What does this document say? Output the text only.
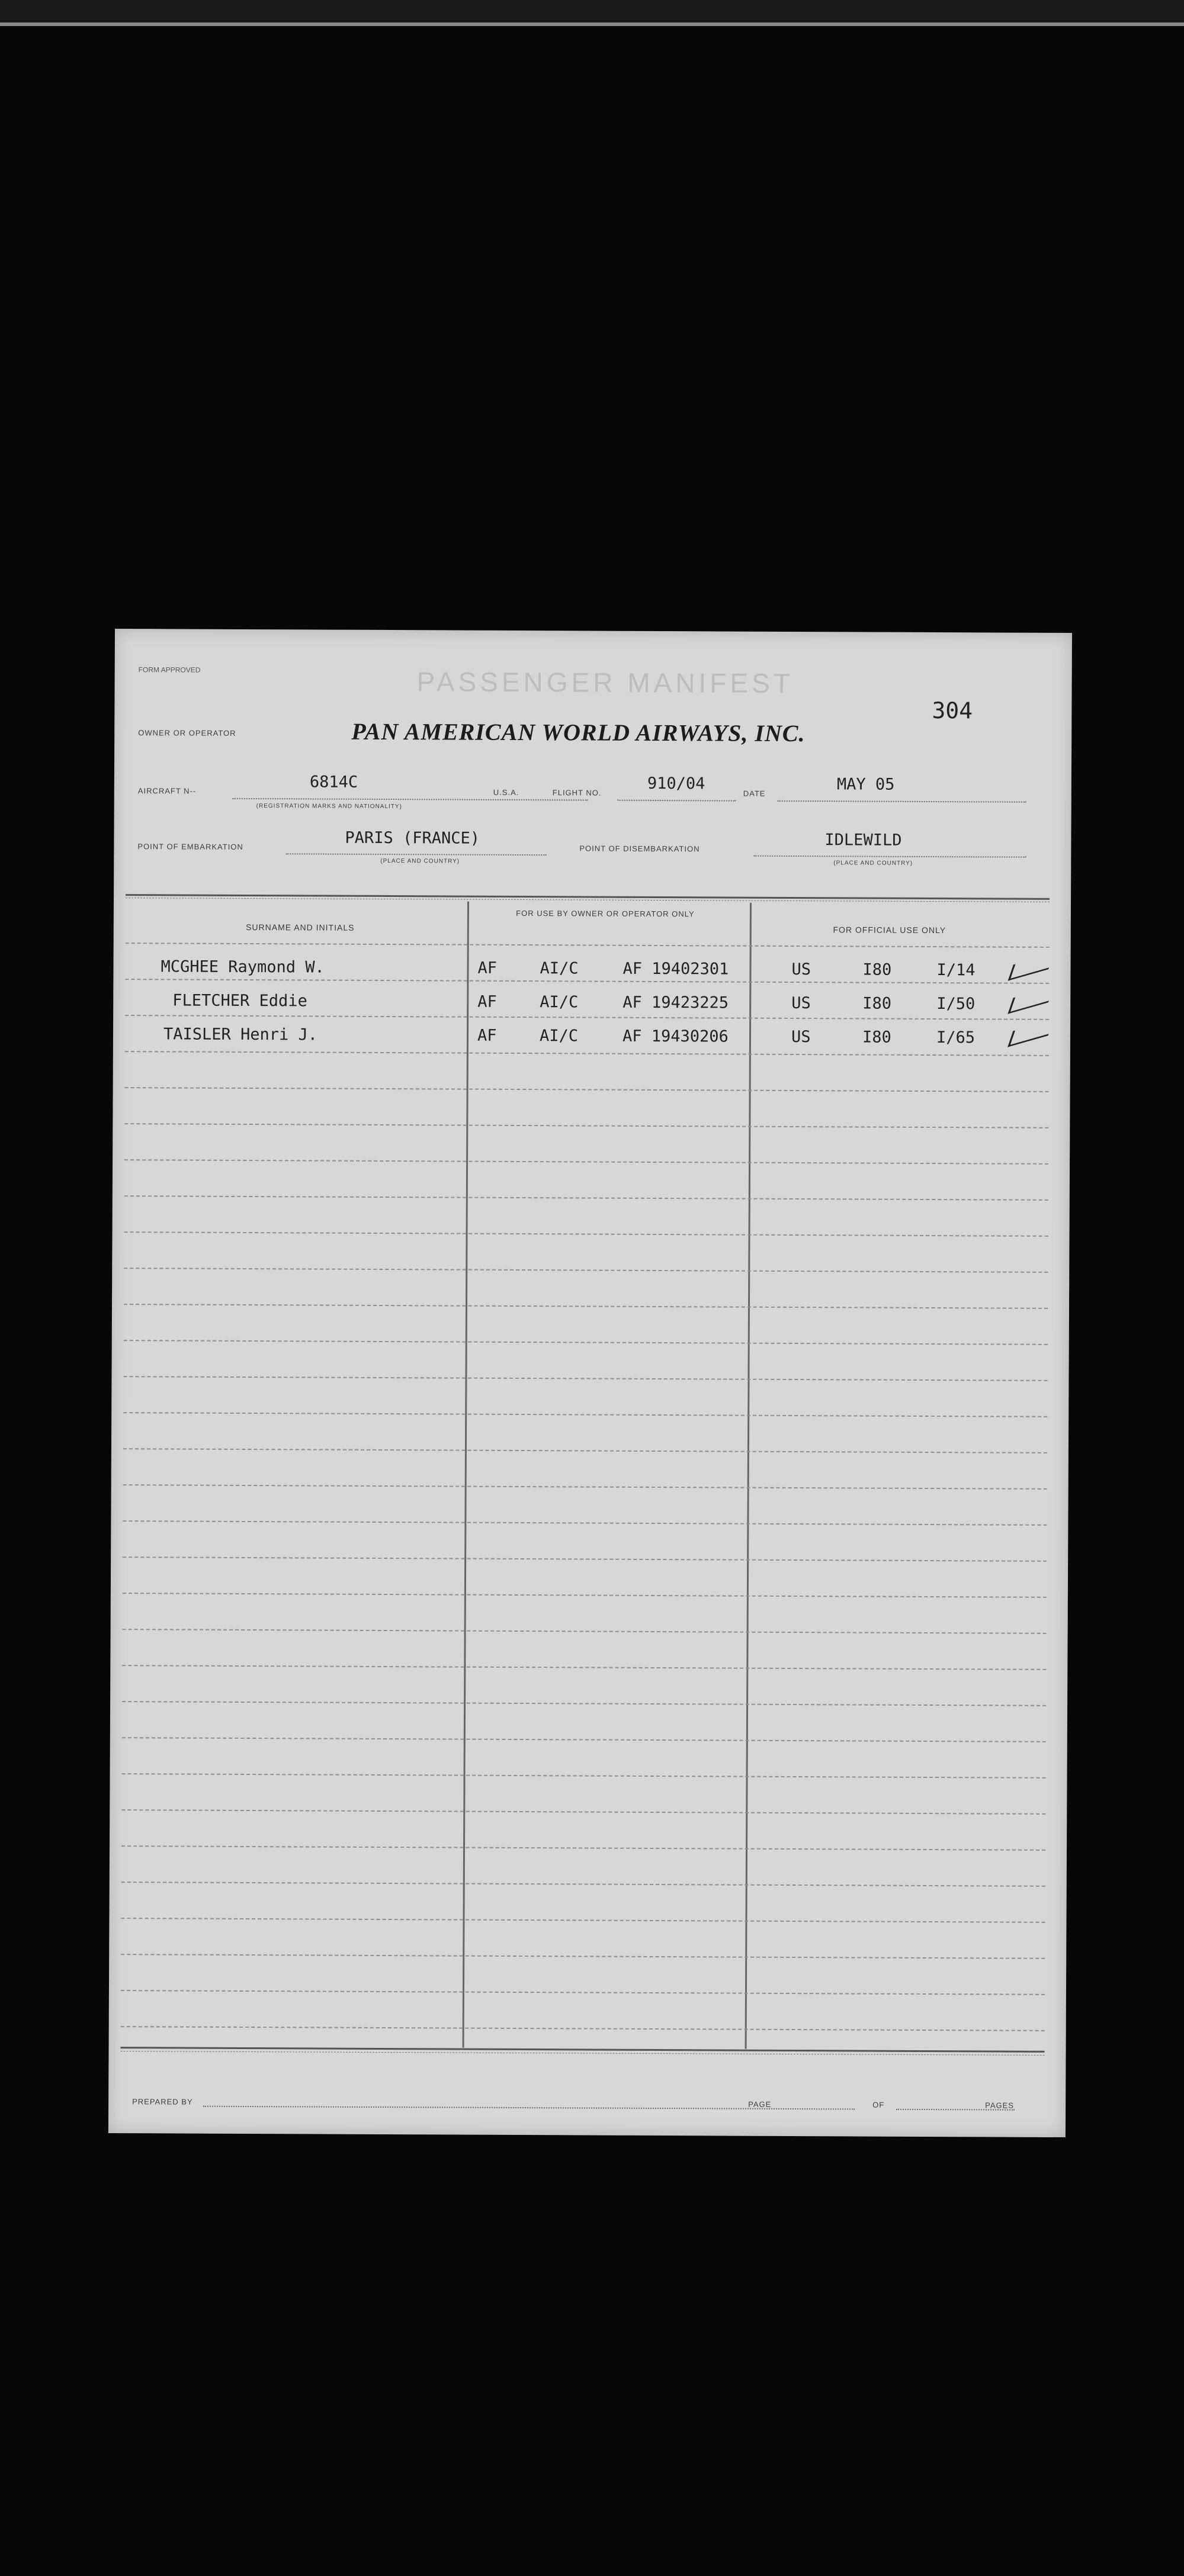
FORM APPROVED	PASSENGER MANIFEST
304
OWNER OR OPERATOR	PAN AMERICAN WORLD AIRWAYS, INC.
AIRCRAFT N--	6814C
(REGISTRATION MARKS AND NATIONALITY)
U.S.A.	FLIGHT NO.	910/04
DATE	MAY 05
POINT OF EMBARKATION	PARIS (FRANCE)
(PLACE AND COUNTRY)
POINT OF DISEMBARKATION	IDLEWILD
(PLACE AND COUNTRY)
SURNAME AND INITIALS
FOR USE BY OWNER OR OPERATOR ONLY
FOR OFFICIAL USE ONLY
MCGHEE Raymond W.	AF	AI/C	AF 19402301	US	I80	I/14
FLETCHER Eddie	AF	AI/C	AF 19423225	US	I80	I/50
TAISLER Henri J.	AF	AI/C	AF 19430206	US	I80	I/65
PREPARED BY	PAGE	OF	PAGES
